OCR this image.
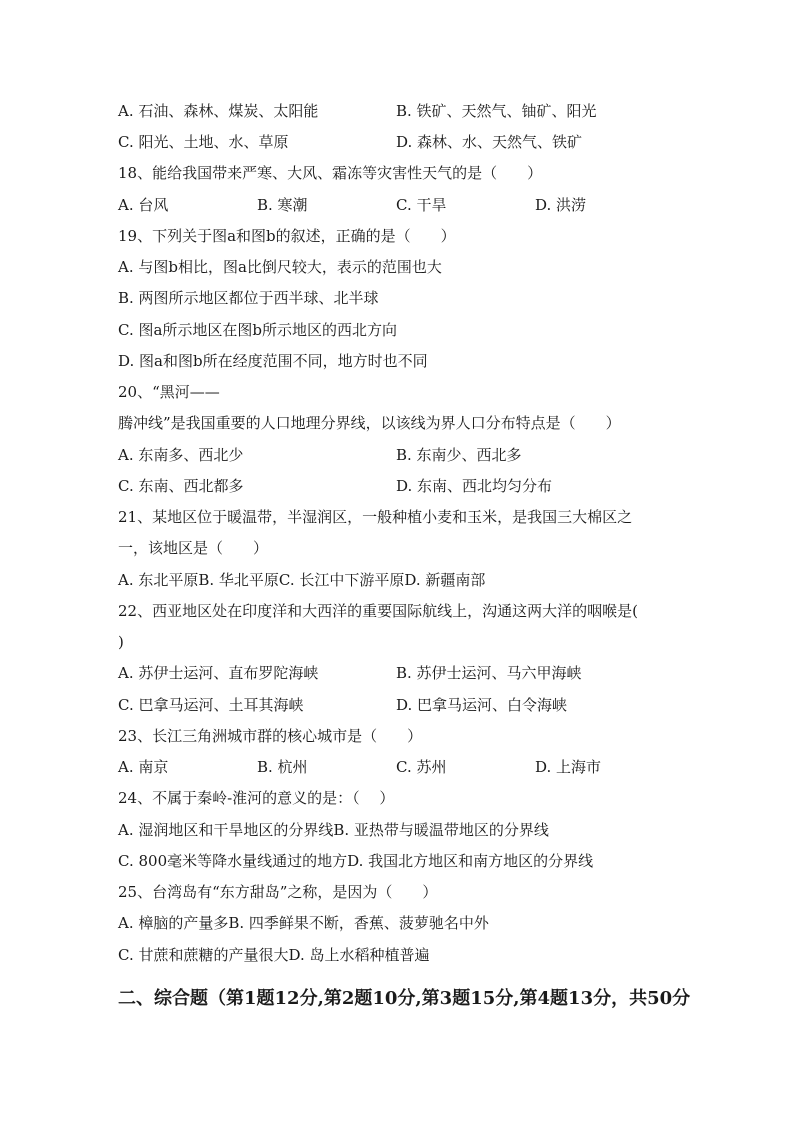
A. 石油、森林、煤炭、太阳能	B. 铁矿、天然气、铀矿、阳光
C. 阳光、土地、水、草原	D. 森林、水、天然气、铁矿
18、能给我国带来严寒、大风、霜冻等灾害性天气的是（　　）
A. 台风	B. 寒潮	C. 干旱	D. 洪涝
19、下列关于图a和图b的叙述，正确的是（　　）
A. 与图b相比，图a比倒尺较大，表示的范围也大
B. 两图所示地区都位于西半球、北半球
C. 图a所示地区在图b所示地区的西北方向
D. 图a和图b所在经度范围不同，地方时也不同
20、“黑河——
腾冲线”是我国重要的人口地理分界线，以该线为界人口分布特点是（　　）
A. 东南多、西北少	B. 东南少、西北多
C. 东南、西北都多	D. 东南、西北均匀分布
21、某地区位于暖温带，半湿润区，一般种植小麦和玉米，是我国三大棉区之
一，该地区是（　　）
A. 东北平原B. 华北平原C. 长江中下游平原D. 新疆南部
22、西亚地区处在印度洋和大西洋的重要国际航线上，沟通这两大洋的咽喉是(
)
A. 苏伊士运河、直布罗陀海峡	B. 苏伊士运河、马六甲海峡
C. 巴拿马运河、土耳其海峡	D. 巴拿马运河、白令海峡
23、长江三角洲城市群的核心城市是（　　）
A. 南京	B. 杭州	C. 苏州	D. 上海市
24、不属于秦岭-淮河的意义的是：（　 ）
A. 湿润地区和干旱地区的分界线B. 亚热带与暖温带地区的分界线
C. 800毫米等降水量线通过的地方D. 我国北方地区和南方地区的分界线
25、台湾岛有“东方甜岛”之称，是因为（　　）
A. 樟脑的产量多B. 四季鲜果不断，香蕉、菠萝驰名中外
C. 甘蔗和蔗糖的产量很大D. 岛上水稻种植普遍
二、综合题（第1题12分,第2题10分,第3题15分,第4题13分，共50分
